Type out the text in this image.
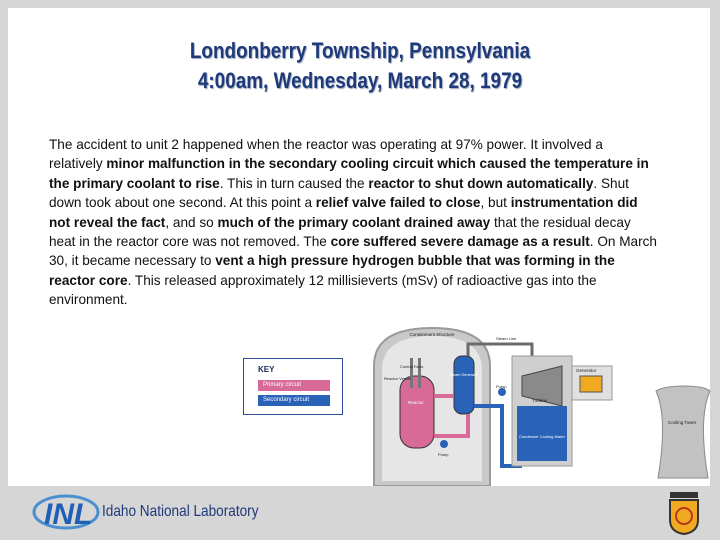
Londonberry Township, Pennsylvania
4:00am, Wednesday, March 28, 1979
The accident to unit 2 happened when the reactor was operating at 97% power. It involved a relatively minor malfunction in the secondary cooling circuit which caused the temperature in the primary coolant to rise. This in turn caused the reactor to shut down automatically. Shut down took about one second. At this point a relief valve failed to close, but instrumentation did not reveal the fact, and so much of the primary coolant drained away that the residual decay heat in the reactor core was not removed. The core suffered severe damage as a result. On March 30, it became necessary to vent a high pressure hydrogen bubble that was forming in the reactor core. This released approximately 12 millisieverts (mSv) of radioactive gas into the environment.
KEY
Primary circuit
Secondary circuit
Containment Structure
Control Rods
Reactor Vessel
Reactor
Steam Generator
Pump
Steam Line
Pump
Turbine
Condenser Cooling Water
Generator
Cooling Tower
INL Idaho National Laboratory
